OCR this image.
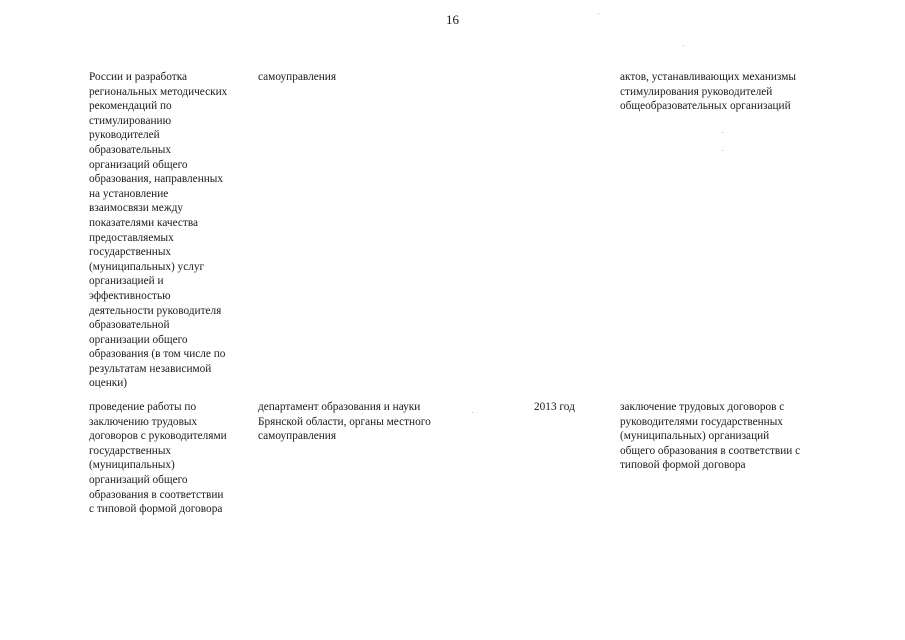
16
России и разработка
региональных методических
рекомендаций по
стимулированию
руководителей
образовательных
организаций общего
образования, направленных
на установление
взаимосвязи между
показателями качества
предоставляемых
государственных
(муниципальных) услуг
организацией и
эффективностью
деятельности руководителя
образовательной
организации общего
образования (в том числе по
результатам независимой
оценки)
самоуправления	актов, устанавливающих механизмы
стимулирования руководителей
общеобразовательных организаций
проведение работы по
заключению трудовых
договоров с руководителями
государственных
(муниципальных)
организаций общего
образования в соответствии
с типовой формой договора
департамент образования и науки
Брянской области, органы местного
самоуправления
2013 год	заключение трудовых договоров с
руководителями государственных
(муниципальных) организаций
общего образования в соответствии с
типовой формой договора
